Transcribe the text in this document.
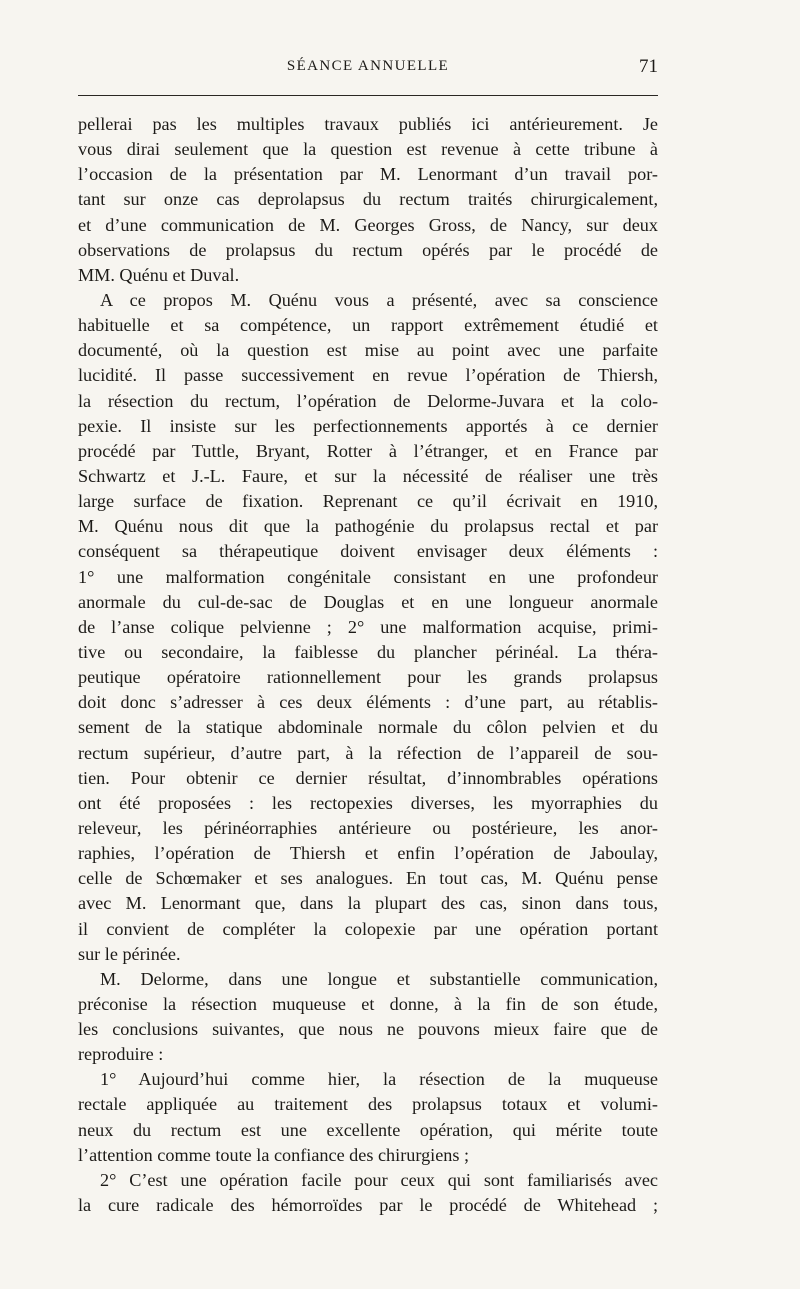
SÉANCE ANNUELLE	71
pellerai pas les multiples travaux publiés ici antérieurement. Je
vous dirai seulement que la question est revenue à cette tribune à
l’occasion de la présentation par M. Lenormant d’un travail por-
tant sur onze cas deprolapsus du rectum traités chirurgicalement,
et d’une communication de M. Georges Gross, de Nancy, sur deux
observations de prolapsus du rectum opérés par le procédé de
MM. Quénu et Duval.
A ce propos M. Quénu vous a présenté, avec sa conscience
habituelle et sa compétence, un rapport extrêmement étudié et
documenté, où la question est mise au point avec une parfaite
lucidité. Il passe successivement en revue l’opération de Thiersh,
la résection du rectum, l’opération de Delorme-Juvara et la colo-
pexie. Il insiste sur les perfectionnements apportés à ce dernier
procédé par Tuttle, Bryant, Rotter à l’étranger, et en France par
Schwartz et J.-L. Faure, et sur la nécessité de réaliser une très
large surface de fixation. Reprenant ce qu’il écrivait en 1910,
M. Quénu nous dit que la pathogénie du prolapsus rectal et par
conséquent sa thérapeutique doivent envisager deux éléments :
1° une malformation congénitale consistant en une profondeur
anormale du cul-de-sac de Douglas et en une longueur anormale
de l’anse colique pelvienne ; 2° une malformation acquise, primi-
tive ou secondaire, la faiblesse du plancher périnéal. La théra-
peutique opératoire rationnellement pour les grands prolapsus
doit donc s’adresser à ces deux éléments : d’une part, au rétablis-
sement de la statique abdominale normale du côlon pelvien et du
rectum supérieur, d’autre part, à la réfection de l’appareil de sou-
tien. Pour obtenir ce dernier résultat, d’innombrables opérations
ont été proposées : les rectopexies diverses, les myorraphies du
releveur, les périnéorraphies antérieure ou postérieure, les anor-
raphies, l’opération de Thiersh et enfin l’opération de Jaboulay,
celle de Schœmaker et ses analogues. En tout cas, M. Quénu pense
avec M. Lenormant que, dans la plupart des cas, sinon dans tous,
il convient de compléter la colopexie par une opération portant
sur le périnée.
M. Delorme, dans une longue et substantielle communication,
préconise la résection muqueuse et donne, à la fin de son étude,
les conclusions suivantes, que nous ne pouvons mieux faire que de
reproduire :
1° Aujourd’hui comme hier, la résection de la muqueuse
rectale appliquée au traitement des prolapsus totaux et volumi-
neux du rectum est une excellente opération, qui mérite toute
l’attention comme toute la confiance des chirurgiens ;
2° C’est une opération facile pour ceux qui sont familiarisés avec
la cure radicale des hémorroïdes par le procédé de Whitehead ;
